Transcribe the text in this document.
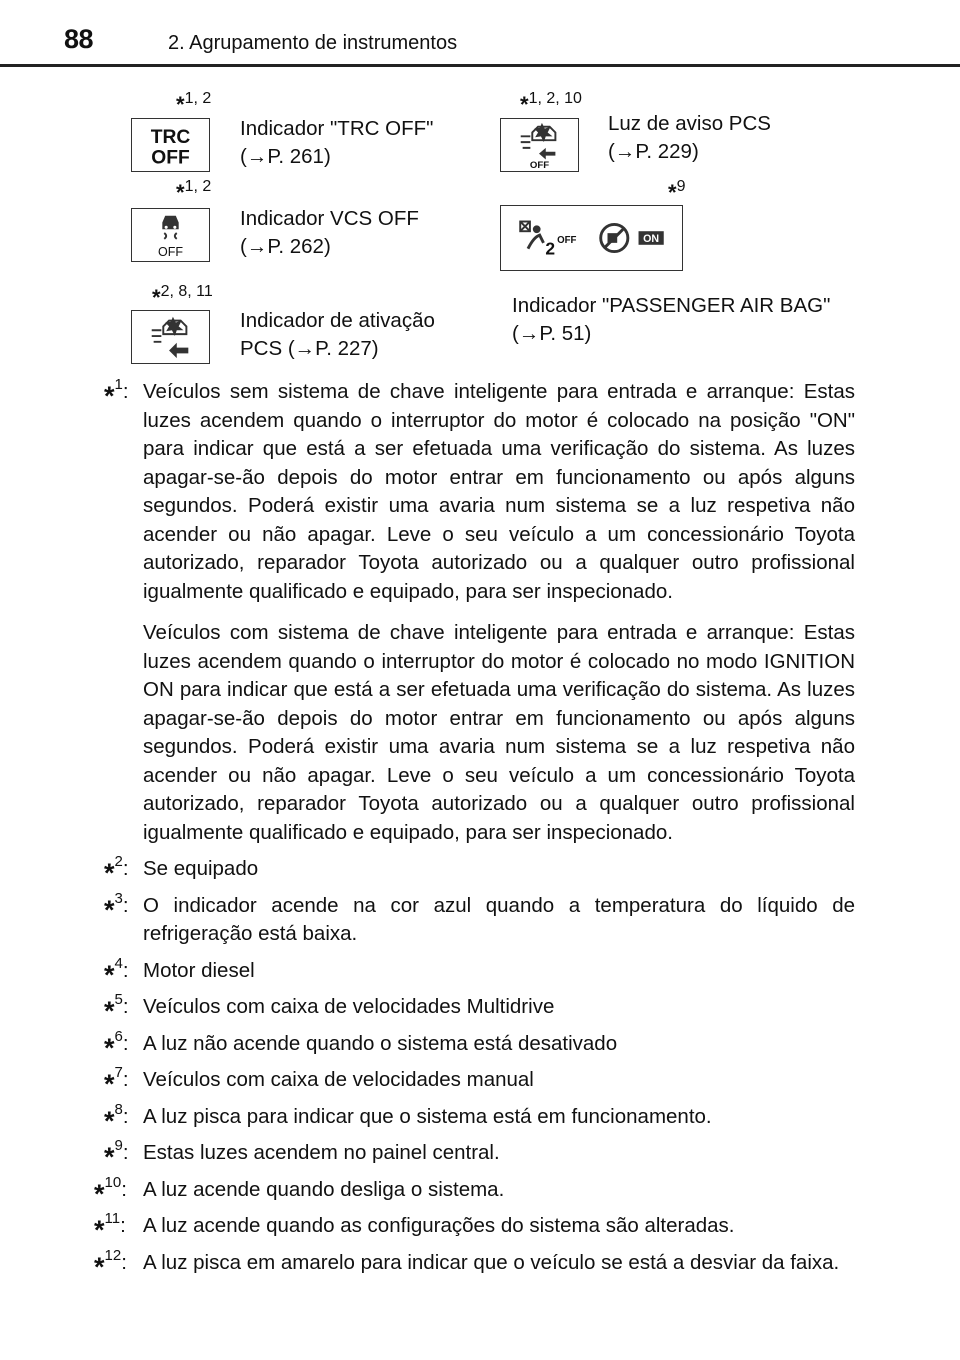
88	2. Agrupamento de instrumentos
*1, 2
TRC
OFF
Indicador "TRC OFF"
(→P. 261)
*1, 2
OFF
Indicador VCS OFF
(→P. 262)
*2, 8, 11
Indicador de ativação
PCS (→P. 227)
*1, 2, 10
OFF
Luz de aviso PCS
(→P. 229)
*9
2 OFF	ON
Indicador "PASSENGER AIR BAG"
(→P. 51)
*$^1$: Veículos sem sistema de chave inteligente para entrada e arranque: Estas luzes acendem quando o interruptor do motor é colocado na posição "ON" para indicar que está a ser efetuada uma verificação do sistema. As luzes apagar-se-ão depois do motor entrar em funcionamento ou após alguns segundos. Poderá existir uma avaria num sistema se a luz respetiva não acender ou não apagar. Leve o seu veículo a um concessionário Toyota autorizado, reparador Toyota autorizado ou a qualquer outro profissional igualmente qualificado e equipado, para ser inspecionado.

Veículos com sistema de chave inteligente para entrada e arranque: Estas luzes acendem quando o interruptor do motor é colocado no modo IGNITION ON para indicar que está a ser efetuada uma verificação do sistema. As luzes apagar-se-ão depois do motor entrar em funcionamento ou após alguns segundos. Poderá existir uma avaria num sistema se a luz respetiva não acender ou não apagar. Leve o seu veículo a um concessionário Toyota autorizado, reparador Toyota autorizado ou a qualquer outro profissional igualmente qualificado e equipado, para ser inspecionado.

*$^2$: Se equipado

*$^3$: O indicador acende na cor azul quando a temperatura do líquido de refrigeração está baixa.

*$^4$: Motor diesel

*$^5$: Veículos com caixa de velocidades Multidrive

*$^6$: A luz não acende quando o sistema está desativado

*$^7$: Veículos com caixa de velocidades manual

*$^8$: A luz pisca para indicar que o sistema está em funcionamento.

*$^9$: Estas luzes acendem no painel central.

*$^{10}$: A luz acende quando desliga o sistema.

*$^{11}$: A luz acende quando as configurações do sistema são alteradas.

*$^{12}$: A luz pisca em amarelo para indicar que o veículo se está a desviar da faixa.
